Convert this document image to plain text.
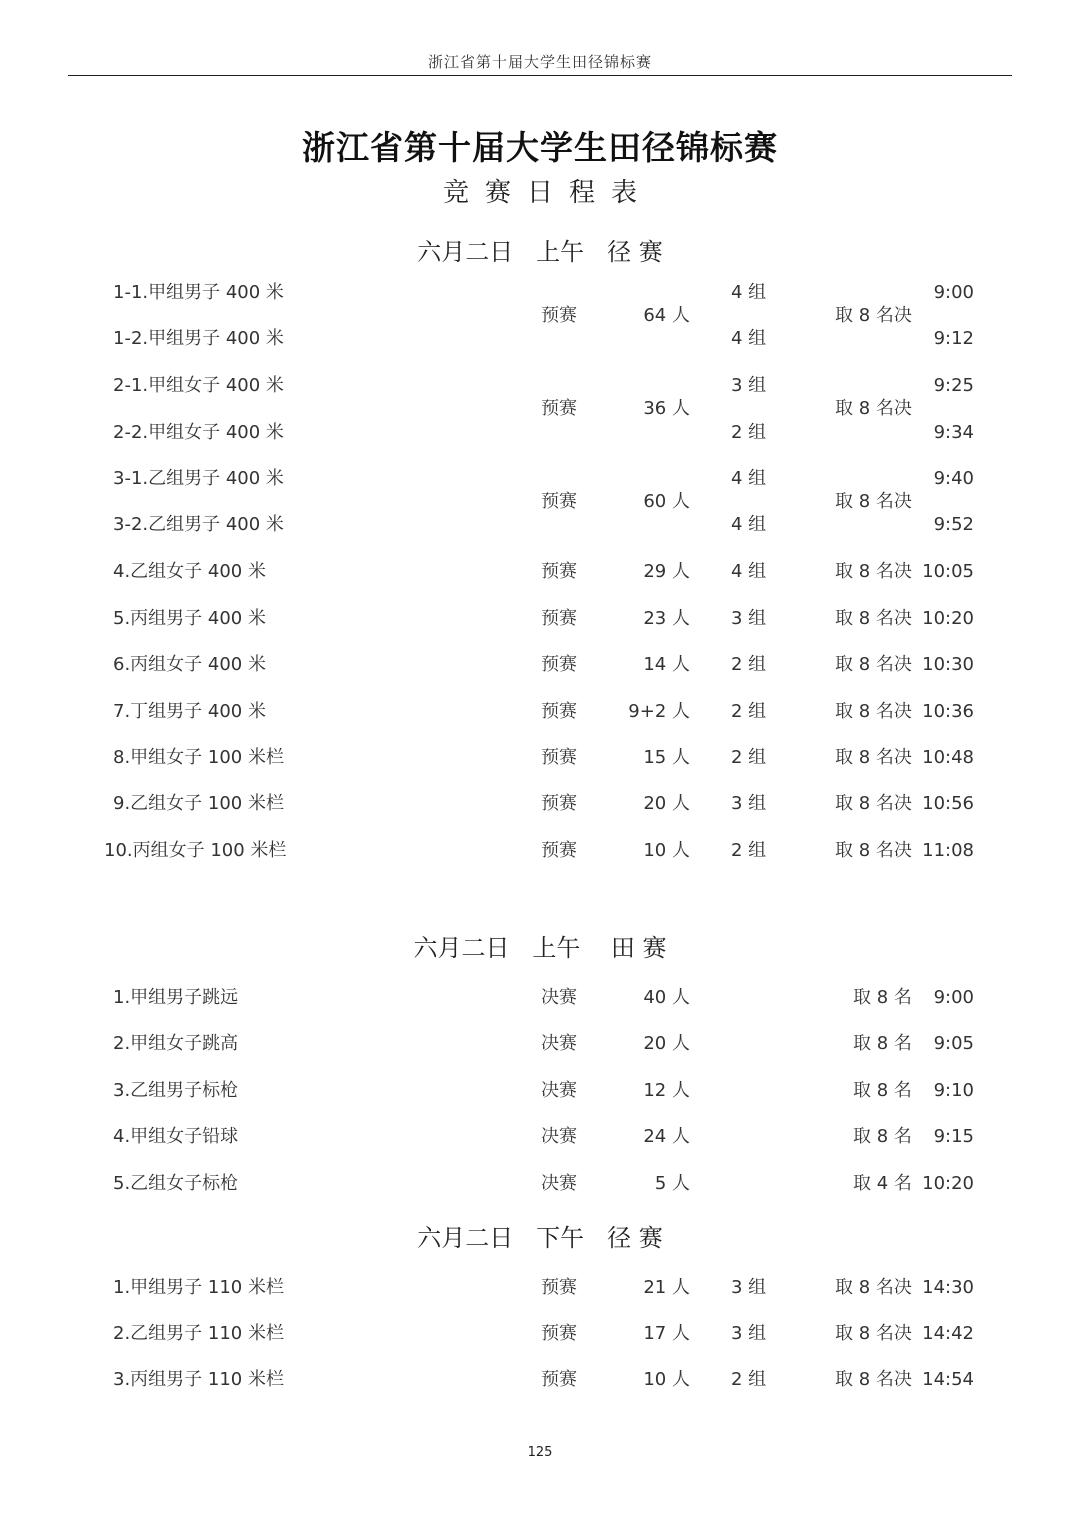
浙江省第十届大学生田径锦标赛
浙江省第十届大学生田径锦标赛
竞赛日程表
六月二日   上午   径 赛
1-1.甲组男子 400 米	4 组	9:00
预赛	64 人	取 8 名决
1-2.甲组男子 400 米	4 组	9:12
2-1.甲组女子 400 米	3 组	9:25
预赛	36 人	取 8 名决
2-2.甲组女子 400 米	2 组	9:34
3-1.乙组男子 400 米	4 组	9:40
预赛	60 人	取 8 名决
3-2.乙组男子 400 米	4 组	9:52
4.乙组女子 400 米	预赛	29 人 4 组	取 8 名决 10:05
5.丙组男子 400 米	预赛	23 人 3 组	取 8 名决 10:20
6.丙组女子 400 米	预赛	14 人 2 组	取 8 名决 10:30
7.丁组男子 400 米	预赛	9+2 人 2 组	取 8 名决 10:36
8.甲组女子 100 米栏	预赛	15 人 2 组	取 8 名决 10:48
9.乙组女子 100 米栏	预赛	20 人 3 组	取 8 名决 10:56
10.丙组女子 100 米栏	预赛	10 人 2 组	取 8 名决 11:08
六月二日   上午    田 赛
1.甲组男子跳远	决赛	40 人	取 8 名 9:00
2.甲组女子跳高	决赛	20 人	取 8 名 9:05
3.乙组男子标枪	决赛	12 人	取 8 名 9:10
4.甲组女子铅球	决赛	24 人	取 8 名 9:15
5.乙组女子标枪	决赛	5 人	取 4 名 10:20
六月二日   下午   径 赛
1.甲组男子 110 米栏	预赛	21 人 3 组	取 8 名决 14:30
2.乙组男子 110 米栏	预赛	17 人 3 组	取 8 名决 14:42
3.丙组男子 110 米栏	预赛	10 人 2 组	取 8 名决 14:54
125
